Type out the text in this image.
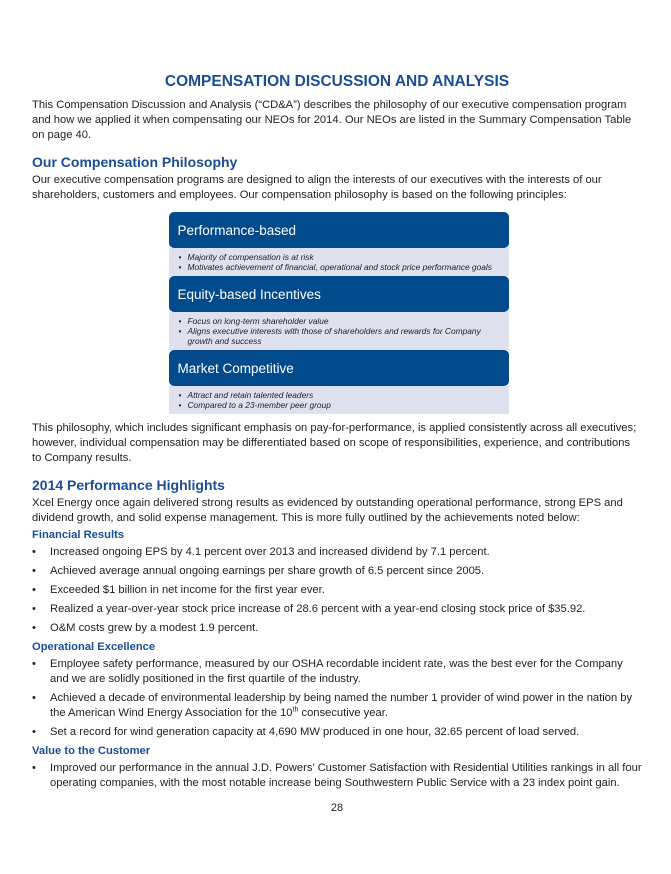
COMPENSATION DISCUSSION AND ANALYSIS

This Compensation Discussion and Analysis (“CD&A”) describes the philosophy of our executive compensation program and how we applied it when compensating our NEOs for 2014. Our NEOs are listed in the Summary Compensation Table on page 40.

Our Compensation Philosophy

Our executive compensation programs are designed to align the interests of our executives with the interests of our shareholders, customers and employees. Our compensation philosophy is based on the following principles:

Performance-based
• Majority of compensation is at risk
• Motivates achievement of financial, operational and stock price performance goals
Equity-based Incentives
• Focus on long-term shareholder value
• Aligns executive interests with those of shareholders and rewards for Company growth and success
Market Competitive
• Attract and retain talented leaders
• Compared to a 23-member peer group

This philosophy, which includes significant emphasis on pay-for-performance, is applied consistently across all executives; however, individual compensation may be differentiated based on scope of responsibilities, experience, and contributions to Company results.

2014 Performance Highlights

Xcel Energy once again delivered strong results as evidenced by outstanding operational performance, strong EPS and dividend growth, and solid expense management. This is more fully outlined by the achievements noted below:

Financial Results
•	Increased ongoing EPS by 4.1 percent over 2013 and increased dividend by 7.1 percent.
•	Achieved average annual ongoing earnings per share growth of 6.5 percent since 2005.
•	Exceeded $1 billion in net income for the first year ever.
•	Realized a year-over-year stock price increase of 28.6 percent with a year-end closing stock price of $35.92.
•	O&M costs grew by a modest 1.9 percent.
Operational Excellence
•	Employee safety performance, measured by our OSHA recordable incident rate, was the best ever for the Company and we are solidly positioned in the first quartile of the industry.
•	Achieved a decade of environmental leadership by being named the number 1 provider of wind power in the nation by the American Wind Energy Association for the 10th consecutive year.
•	Set a record for wind generation capacity at 4,690 MW produced in one hour, 32.65 percent of load served.
Value to the Customer
•	Improved our performance in the annual J.D. Powers’ Customer Satisfaction with Residential Utilities rankings in all four operating companies, with the most notable increase being Southwestern Public Service with a 23 index point gain.
28
